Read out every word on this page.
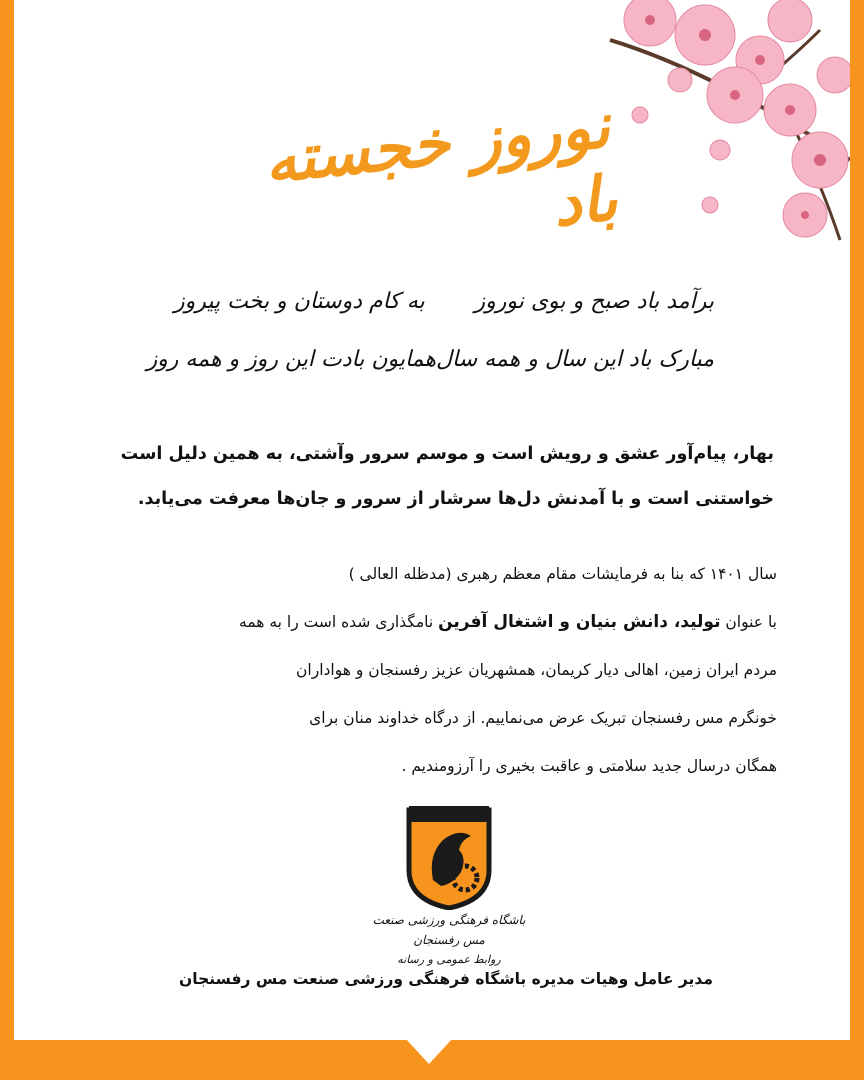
نوروز خجسته باد
برآمد باد صبح و بوی نوروز
به کام دوستان و بخت پیروز
مبارک باد این سال و همه سال
همایون بادت این روز و همه روز
بهار، پیام‌آور عشق و رویش است و موسم سرور وآشتی، به همین دلیل است
خواستنی است و با آمدنش دل‌ها سرشار از سرور و جان‌ها معرفت می‌یابد.
سال ۱۴۰۱ که بنا به فرمایشات مقام معظم رهبری (مدظله العالی )
با عنوان تولید، دانش بنیان و اشتغال آفرین نامگذاری شده است را به همه
مردم ایران زمین، اهالی دیار کریمان، همشهریان عزیز رفسنجان و هواداران
خونگرم مس رفسنجان تبریک عرض می‌نماییم. از درگاه خداوند منان برای
همگان درسال جدید سلامتی و عاقبت بخیری را آرزومندیم .
باشگاه فرهنگی ورزشی صنعت مس رفسنجان
روابط عمومی و رسانه
مدیر عامل وهیات مدیره باشگاه فرهنگی ورزشی صنعت مس رفسنجان
